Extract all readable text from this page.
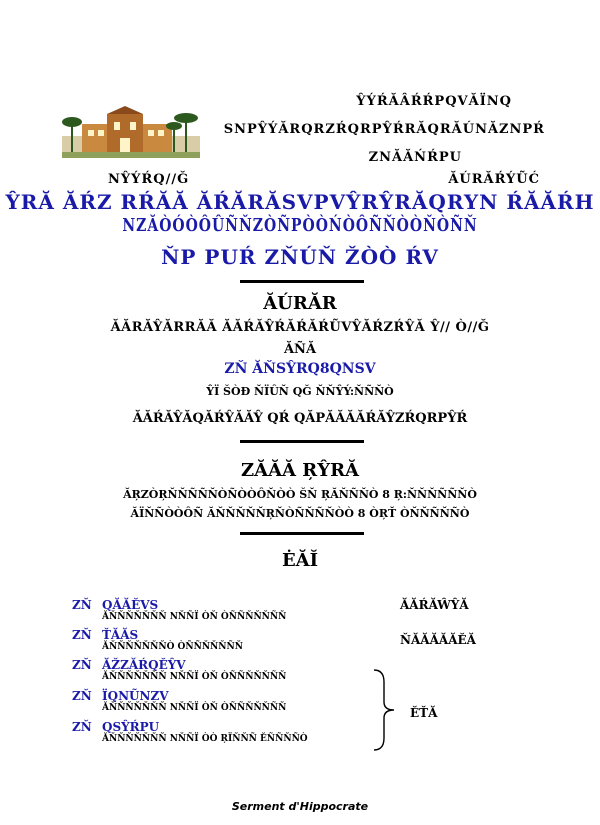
ŶÝŔĂÂŔŔPQVĂÏNQ
SNPŶÝĂRQRZŔQRPŶŔRĂQRĂÚNĂZNPŔ
ZNĂĂŃŔPU
NŶÝŔQ//Ğ	ĂÚRĂŔÝŨĆ
ŶRĂ ĂŔZ RŔĂĂ ĂŔĂRĂSVPVŶRŶRĂQRYN ŔĂĂŔH
NZĂÒÓÒÔÛÑŇZÒÑPÒÒŃÒÔÑŇÒÒŇÒÑŇ
ŇP PUŔ ZŇÚŇ ŽÒÒ ŔV
ĂÚRĂR
ĂĂRĂŶĂRRĂĂ ĂĂŔĂŶŔĂŔĂŔŨVŶĂŔZŔŶĂ Ŷ// Ò//Ğ
ĂÑĂ
ZŇ ĂŇSŶRQ8QNSV
ŶÏ ŠÒÐ ŇÏÛŇ QĞ ŇŇŶÝ:ŇÑŇÒ
ĂĂŔĂŶĂQĂŔŶĂĂŶ QŔ QĂPĂĂĂĂŔĂŶZŔQRPŶŔ
ZĂĂĂ ŖŶRĂ
ĂŖZÒŖŇŇÑÑŇÒÑÒÒÔŇÒÒ ŠŇ ŖĂŇÑŇÒ 8 Ŗ:ŇŇŇÑÑŇÒ
ĂÏŇÑÒÒÔÑ ĂŇŇŇŇŇŖŇÒÑŇÑŇÒÒ 8 ÒŖŤ ÒŇŇÑŇÑÒ
ĖĂĬ
ZŇ QĂĂĔVS
ĂŇŇŇŇŇŇŇ NŇÑÏ ÒŇ ÒÑÑŇŇŇÑŇ
ZŇ ŤĂĂS
ĂŇŇŇŇŇŇŇÒ ÒÑÑŇŇŇÑŇ
ZŇ ĂŽZĂŔQĔŶV
ĂŇŇŇŇŇŇŇ NŇÑÏ ÒŇ ÒÑÑŇŇŇÑŇ
ZŇ ÏQNŨNZV
ĂŇŇŇŇŇŇŇ NŇÑÏ ÒŇ ÒÑÑŇŇŇÑŇ
ZŇ QSŶŔPU
ĂŇŇŇŇŇŇŇ NŇÑÏ ÒÒ ŖÏŇŇÑ ĔÑÑŇÑÒ
ĂĂŔĂŴŶĂ
ŇĂĂĂĂĂĔĂ
ĔŤĂ
Serment d'Hippocrate
